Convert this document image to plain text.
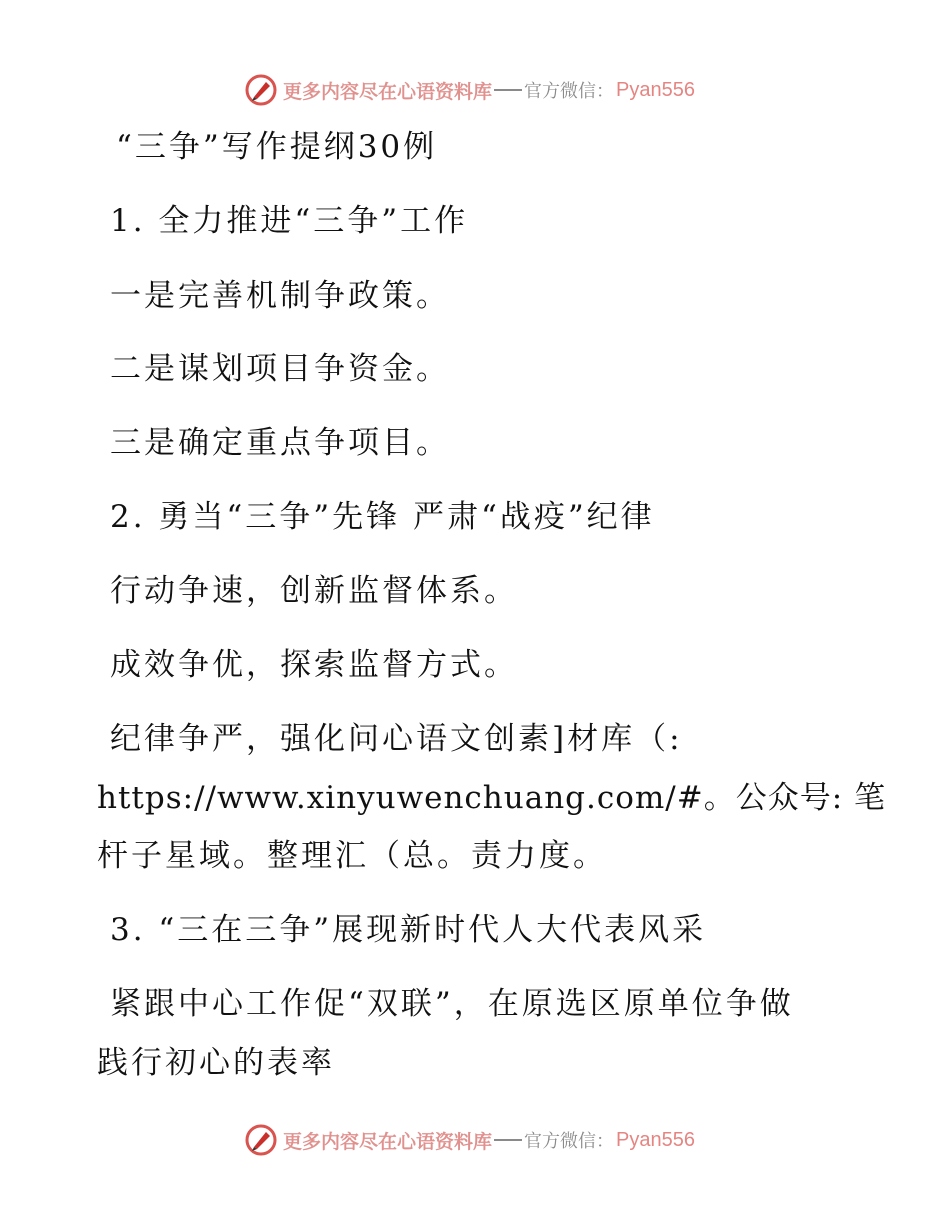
更多内容尽在心语资料库 官方微信： Pyan556
“三争”写作提纲30例
1. 全力推进“三争”工作
一是完善机制争政策。
二是谋划项目争资金。
三是确定重点争项目。
2. 勇当“三争”先锋 严肃“战疫”纪律
行动争速，创新监督体系。
成效争优，探索监督方式。
纪律争严，强化问心语文创素]材库（:
https://www.xinyuwenchuang.com/#。公众号: 笔
杆子星域。整理汇（总。责力度。
3. “三在三争”展现新时代人大代表风采
紧跟中心工作促“双联”，在原选区原单位争做
践行初心的表率
更多内容尽在心语资料库 官方微信： Pyan556
